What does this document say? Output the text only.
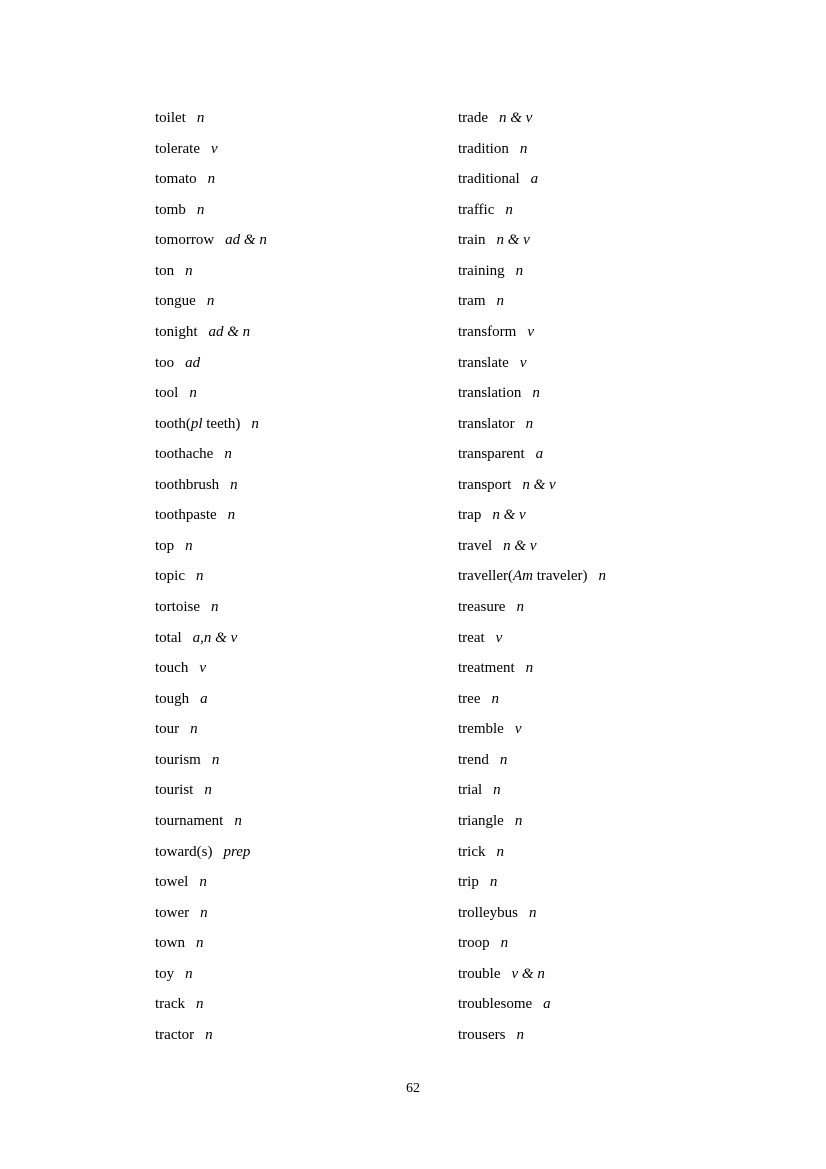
toilet n
tolerate v
tomato n
tomb n
tomorrow ad & n
ton n
tongue n
tonight ad & n
too ad
tool n
tooth(pl teeth) n
toothache n
toothbrush n
toothpaste n
top n
topic n
tortoise n
total a,n & v
touch v
tough a
tour n
tourism n
tourist n
tournament n
toward(s) prep
towel n
tower n
town n
toy n
track n
tractor n
trade n & v
tradition n
traditional a
traffic n
train n & v
training n
tram n
transform v
translate v
translation n
translator n
transparent a
transport n & v
trap n & v
travel n & v
traveller(Am traveler) n
treasure n
treat v
treatment n
tree n
tremble v
trend n
trial n
triangle n
trick n
trip n
trolleybus n
troop n
trouble v & n
troublesome a
trousers n
62
